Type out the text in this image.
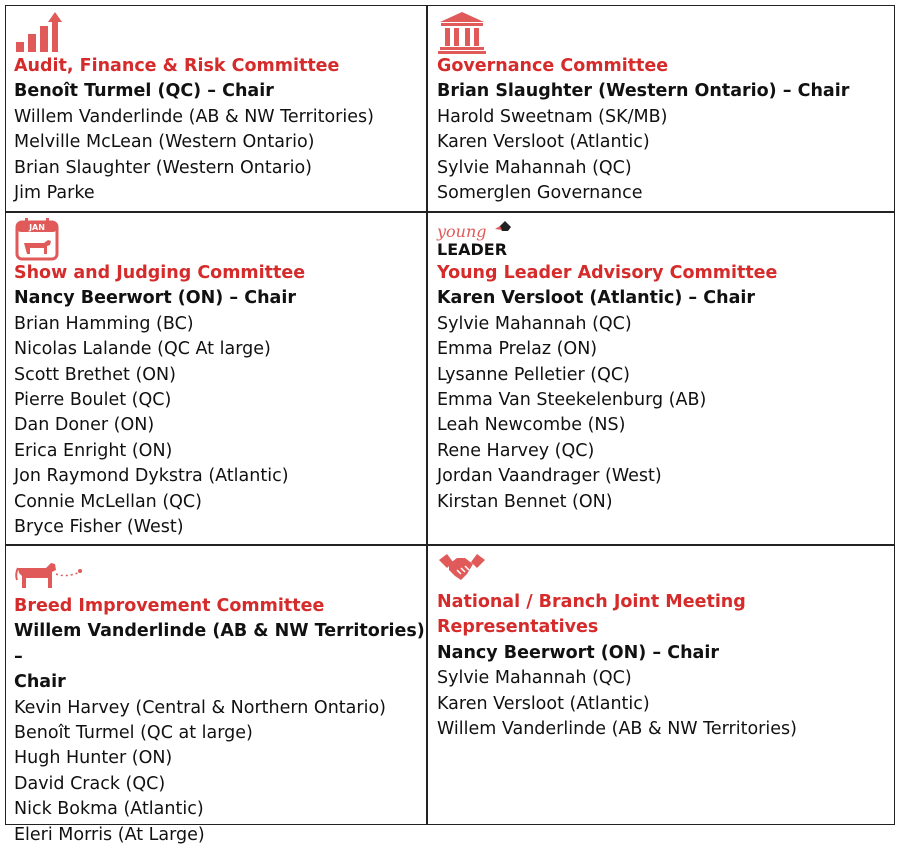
Audit, Finance & Risk Committee
Benoît Turmel (QC) – Chair
Willem Vanderlinde (AB & NW Territories)
Melville McLean (Western Ontario)
Brian Slaughter (Western Ontario)
Jim Parke
Governance Committee
Brian Slaughter (Western Ontario) – Chair
Harold Sweetnam (SK/MB)
Karen Versloot (Atlantic)
Sylvie Mahannah (QC)
Somerglen Governance
JAN
Show and Judging Committee
Nancy Beerwort (ON) – Chair
Brian Hamming (BC)
Nicolas Lalande (QC At large)
Scott Brethet (ON)
Pierre Boulet (QC)
Dan Doner (ON)
Erica Enright (ON)
Jon Raymond Dykstra (Atlantic)
Connie McLellan (QC)
Bryce Fisher (West)
young
LEADER
Young Leader Advisory Committee
Karen Versloot (Atlantic) – Chair
Sylvie Mahannah (QC)
Emma Prelaz (ON)
Lysanne Pelletier (QC)
Emma Van Steekelenburg (AB)
Leah Newcombe (NS)
Rene Harvey (QC)
Jordan Vaandrager (West)
Kirstan Bennet (ON)
Breed Improvement Committee
Willem Vanderlinde (AB & NW Territories) –
Chair
Kevin Harvey (Central & Northern Ontario)
Benoît Turmel (QC at large)
Hugh Hunter (ON)
David Crack (QC)
Nick Bokma (Atlantic)
Eleri Morris (At Large)
National / Branch Joint Meeting
Representatives
Nancy Beerwort (ON) – Chair
Sylvie Mahannah (QC)
Karen Versloot (Atlantic)
Willem Vanderlinde (AB & NW Territories)
